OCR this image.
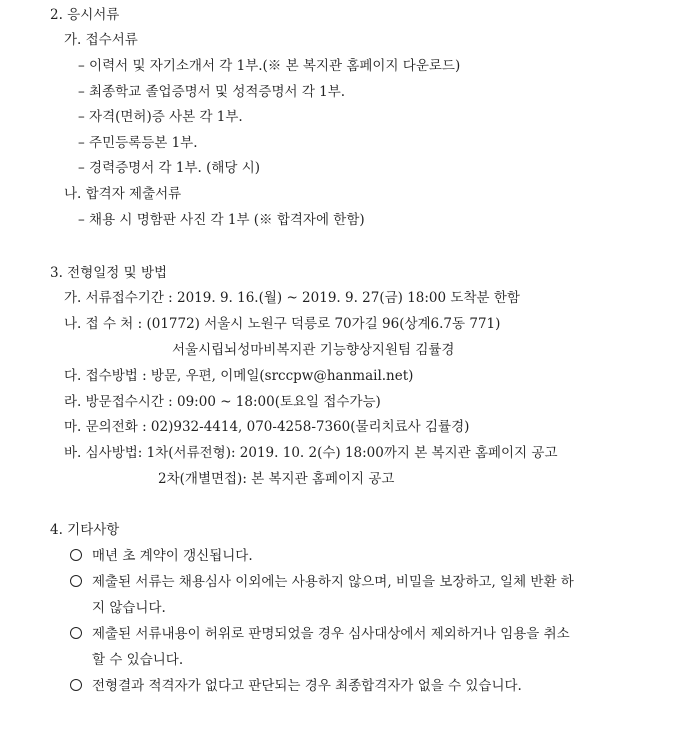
2. 응시서류
가. 접수서류
– 이력서 및 자기소개서 각 1부.(※ 본 복지관 홈페이지 다운로드)
– 최종학교 졸업증명서 및 성적증명서 각 1부.
– 자격(면허)증 사본 각 1부.
– 주민등록등본 1부.
– 경력증명서 각 1부. (해당 시)
나. 합격자 제출서류
– 채용 시 명함판 사진 각 1부 (※ 합격자에 한함)
3. 전형일정 및 방법
가. 서류접수기간 : 2019. 9. 16.(월) ~ 2019. 9. 27(금) 18:00 도착분 한함
나. 접 수 처 : (01772) 서울시 노원구 덕릉로 70가길 96(상계6.7동 771)
서울시립뇌성마비복지관 기능향상지원팀 김률경
다. 접수방법 : 방문, 우편, 이메일(srccpw@hanmail.net)
라. 방문접수시간 : 09:00 ~ 18:00(토요일 접수가능)
마. 문의전화 : 02)932-4414, 070-4258-7360(물리치료사 김률경)
바. 심사방법: 1차(서류전형): 2019. 10. 2(수) 18:00까지 본 복지관 홈페이지 공고
2차(개별면접): 본 복지관 홈페이지 공고
4. 기타사항
매년 초 계약이 갱신됩니다.
제출된 서류는 채용심사 이외에는 사용하지 않으며, 비밀을 보장하고, 일체 반환 하
지 않습니다.
제출된 서류내용이 허위로 판명되었을 경우 심사대상에서 제외하거나 임용을 취소
할 수 있습니다.
전형결과 적격자가 없다고 판단되는 경우 최종합격자가 없을 수 있습니다.
